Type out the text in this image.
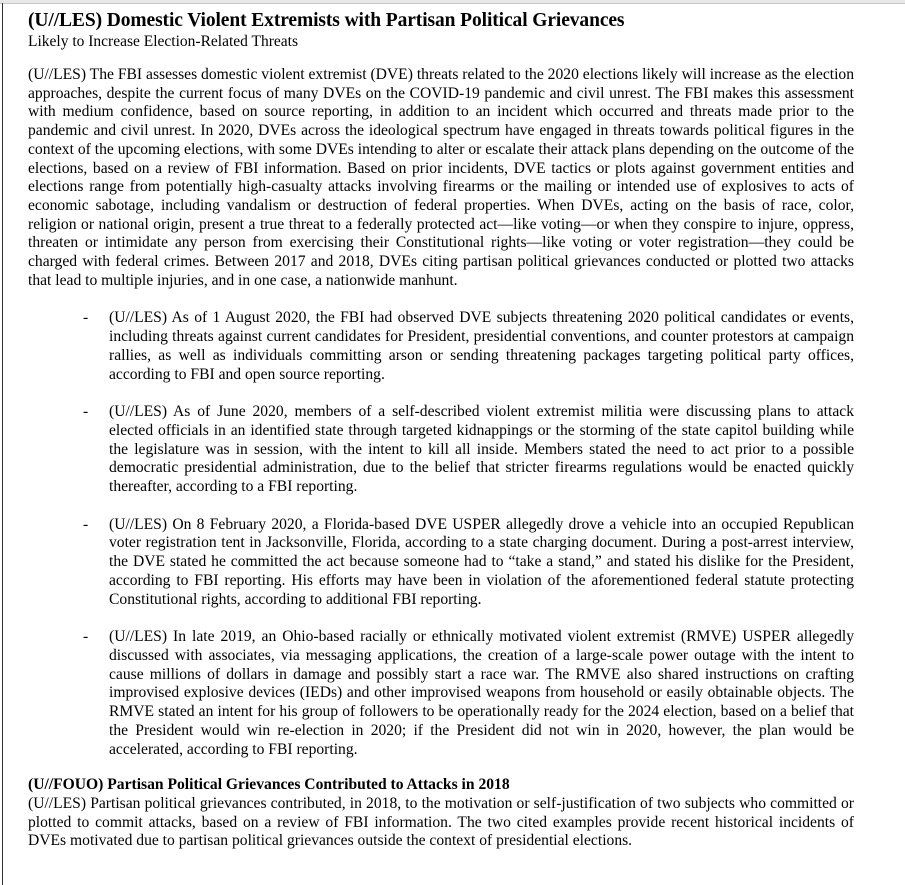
(U//LES) Domestic Violent Extremists with Partisan Political Grievances

Likely to Increase Election-Related Threats

(U//LES) The FBI assesses domestic violent extremist (DVE) threats related to the 2020 elections likely will increase as the election approaches, despite the current focus of many DVEs on the COVID-19 pandemic and civil unrest. The FBI makes this assessment with medium confidence, based on source reporting, in addition to an incident which occurred and threats made prior to the pandemic and civil unrest. In 2020, DVEs across the ideological spectrum have engaged in threats towards political figures in the context of the upcoming elections, with some DVEs intending to alter or escalate their attack plans depending on the outcome of the elections, based on a review of FBI information. Based on prior incidents, DVE tactics or plots against government entities and elections range from potentially high-casualty attacks involving firearms or the mailing or intended use of explosives to acts of economic sabotage, including vandalism or destruction of federal properties. When DVEs, acting on the basis of race, color, religion or national origin, present a true threat to a federally protected act—like voting—or when they conspire to injure, oppress, threaten or intimidate any person from exercising their Constitutional rights—like voting or voter registration—they could be charged with federal crimes. Between 2017 and 2018, DVEs citing partisan political grievances conducted or plotted two attacks that lead to multiple injuries, and in one case, a nationwide manhunt.

- (U//LES) As of 1 August 2020, the FBI had observed DVE subjects threatening 2020 political candidates or events, including threats against current candidates for President, presidential conventions, and counter protestors at campaign rallies, as well as individuals committing arson or sending threatening packages targeting political party offices, according to FBI and open source reporting.
- (U//LES) As of June 2020, members of a self-described violent extremist militia were discussing plans to attack elected officials in an identified state through targeted kidnappings or the storming of the state capitol building while the legislature was in session, with the intent to kill all inside. Members stated the need to act prior to a possible democratic presidential administration, due to the belief that stricter firearms regulations would be enacted quickly thereafter, according to a FBI reporting.
- (U//LES) On 8 February 2020, a Florida-based DVE USPER allegedly drove a vehicle into an occupied Republican voter registration tent in Jacksonville, Florida, according to a state charging document. During a post-arrest interview, the DVE stated he committed the act because someone had to “take a stand,” and stated his dislike for the President, according to FBI reporting. His efforts may have been in violation of the aforementioned federal statute protecting Constitutional rights, according to additional FBI reporting.
- (U//LES) In late 2019, an Ohio-based racially or ethnically motivated violent extremist (RMVE) USPER allegedly discussed with associates, via messaging applications, the creation of a large-scale power outage with the intent to cause millions of dollars in damage and possibly start a race war. The RMVE also shared instructions on crafting improvised explosive devices (IEDs) and other improvised weapons from household or easily obtainable objects. The RMVE stated an intent for his group of followers to be operationally ready for the 2024 election, based on a belief that the President would win re-election in 2020; if the President did not win in 2020, however, the plan would be accelerated, according to FBI reporting.

(U//FOUO) Partisan Political Grievances Contributed to Attacks in 2018

(U//LES) Partisan political grievances contributed, in 2018, to the motivation or self-justification of two subjects who committed or plotted to commit attacks, based on a review of FBI information. The two cited examples provide recent historical incidents of DVEs motivated due to partisan political grievances outside the context of presidential elections.
